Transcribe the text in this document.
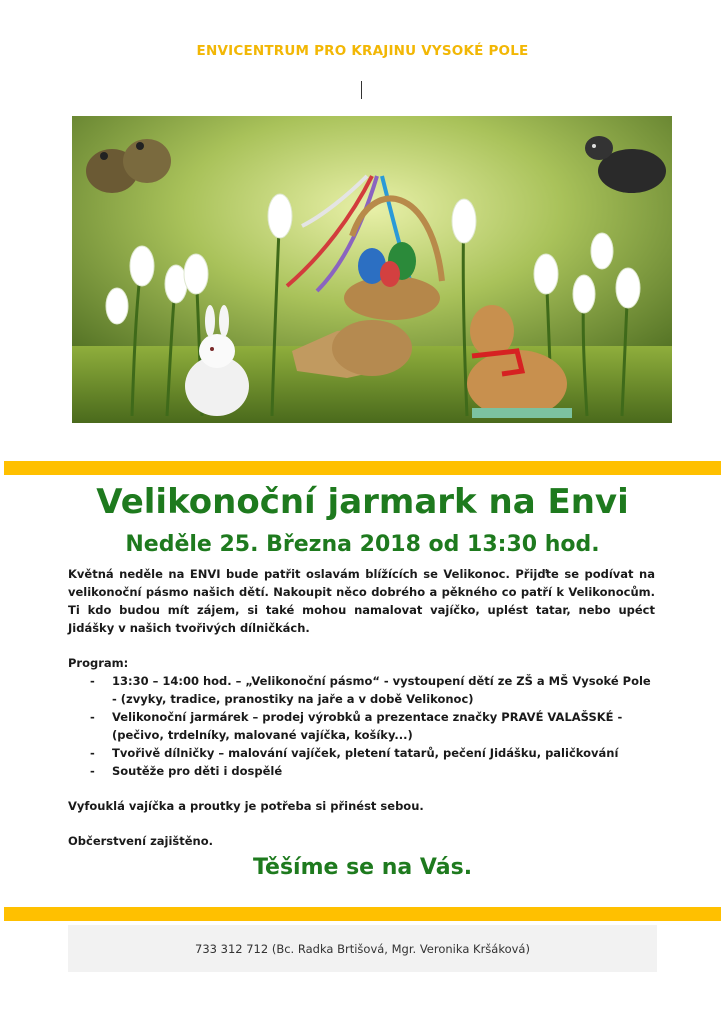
ENVICENTRUM PRO KRAJINU VYSOKÉ POLE
Velikonoční jarmark na Envi
Neděle 25. Března 2018 od 13:30 hod.
Květná neděle na ENVI bude patřit oslavám blížících se Velikonoc. Přijďte se podívat na velikonoční pásmo našich dětí. Nakoupit něco dobrého a pěkného co patří k Velikonocům. Ti kdo budou mít zájem, si také mohou namalovat vajíčko, uplést tatar, nebo upéct Jidášky v našich tvořivých dílničkách.
Program:
- 13:30 – 14:00 hod. – „Velikonoční pásmo“ - vystoupení dětí ze ZŠ a MŠ Vysoké Pole - (zvyky, tradice, pranostiky na jaře a v době Velikonoc)
- Velikonoční jarmárek – prodej výrobků a prezentace značky PRAVÉ VALAŠSKÉ - (pečivo, trdelníky, malované vajíčka, košíky...)
- Tvořivě dílničky – malování vajíček, pletení tatarů, pečení Jidášku, paličkování
- Soutěže pro děti i dospělé
Vyfouklá vajíčka a proutky je potřeba si přinést sebou.
Občerstvení zajištěno.
Těšíme se na Vás.
733 312 712 (Bc. Radka Brtišová, Mgr. Veronika Kršáková)
